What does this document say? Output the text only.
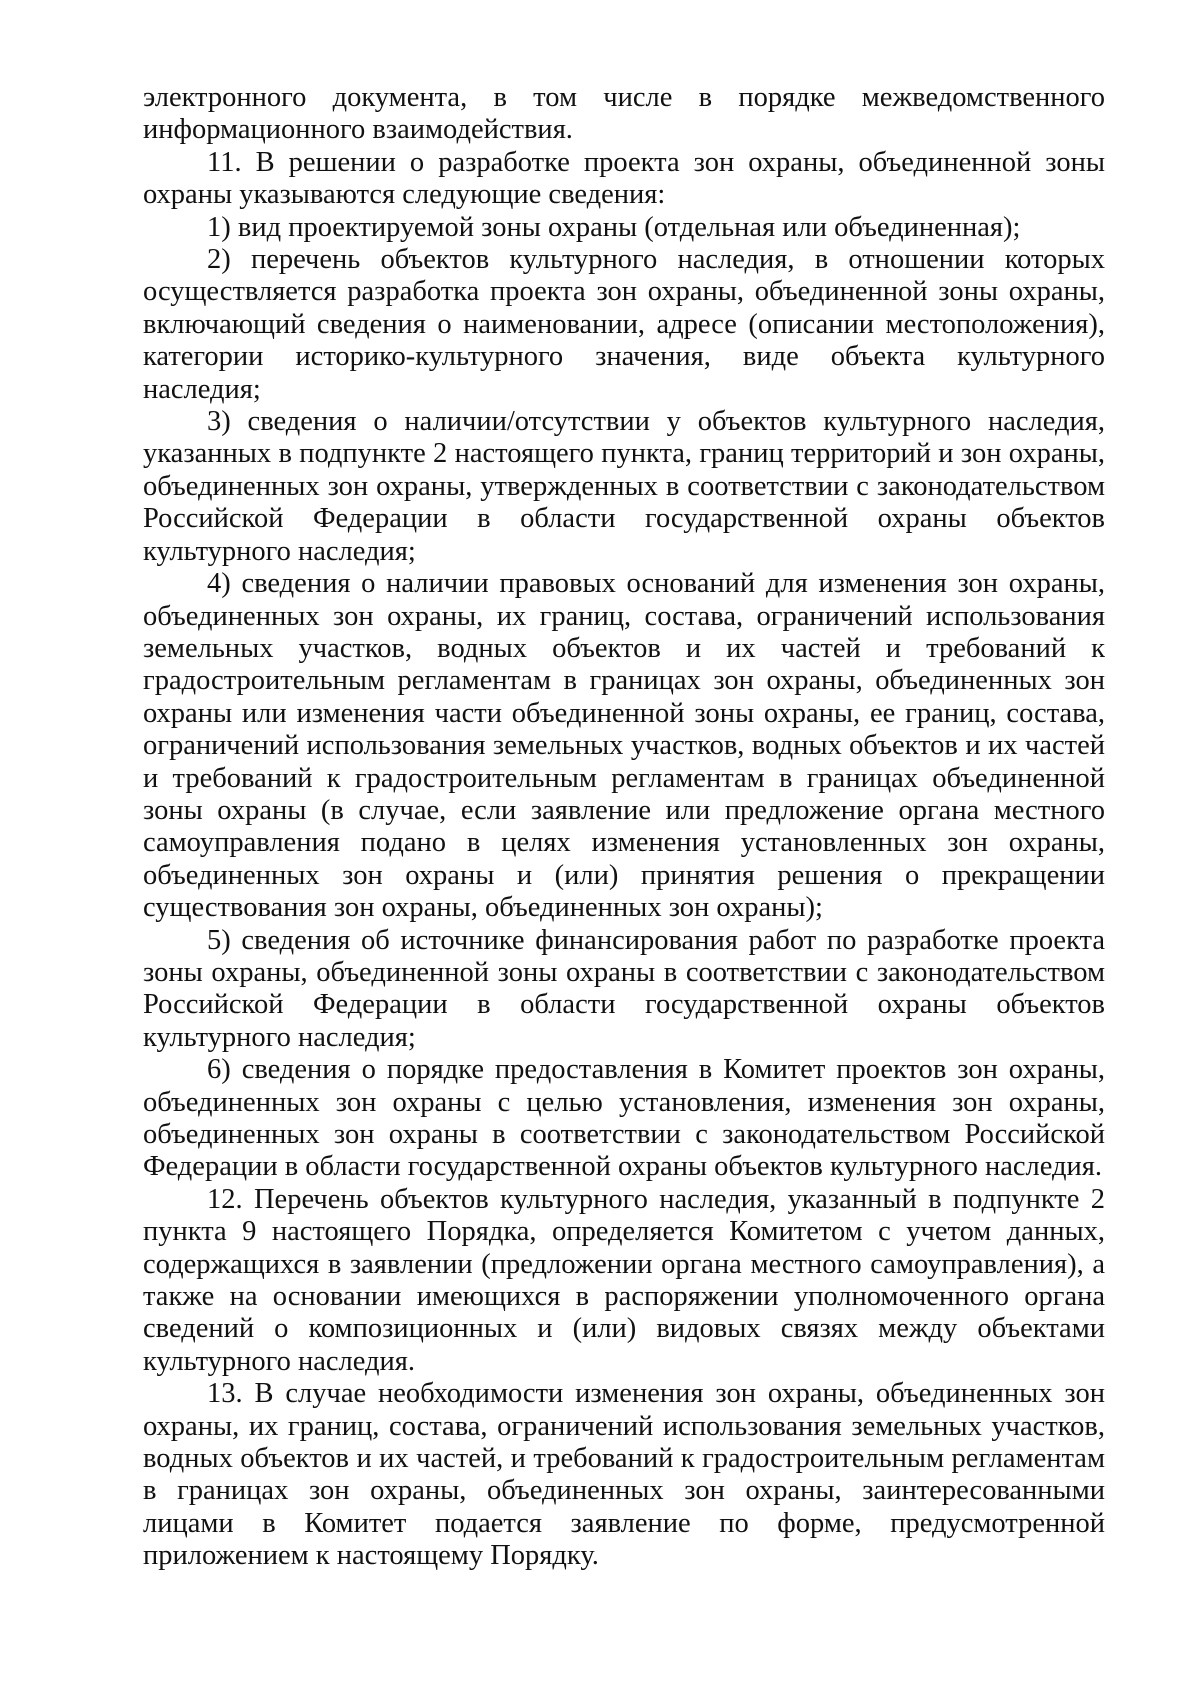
электронного документа, в том числе в порядке межведомственного информационного взаимодействия.

11. В решении о разработке проекта зон охраны, объединенной зоны охраны указываются следующие сведения:

1) вид проектируемой зоны охраны (отдельная или объединенная);

2) перечень объектов культурного наследия, в отношении которых осуществляется разработка проекта зон охраны, объединенной зоны охраны, включающий сведения о наименовании, адресе (описании местоположения), категории историко-культурного значения, виде объекта культурного наследия;

3) сведения о наличии/отсутствии у объектов культурного наследия, указанных в подпункте 2 настоящего пункта, границ территорий и зон охраны, объединенных зон охраны, утвержденных в соответствии с законодательством Российской Федерации в области государственной охраны объектов культурного наследия;

4) сведения о наличии правовых оснований для изменения зон охраны, объединенных зон охраны, их границ, состава, ограничений использования земельных участков, водных объектов и их частей и требований к градостроительным регламентам в границах зон охраны, объединенных зон охраны или изменения части объединенной зоны охраны, ее границ, состава, ограничений использования земельных участков, водных объектов и их частей и требований к градостроительным регламентам в границах объединенной зоны охраны (в случае, если заявление или предложение органа местного самоуправления подано в целях изменения установленных зон охраны, объединенных зон охраны и (или) принятия решения о прекращении существования зон охраны, объединенных зон охраны);

5) сведения об источнике финансирования работ по разработке проекта зоны охраны, объединенной зоны охраны в соответствии с законодательством Российской Федерации в области государственной охраны объектов культурного наследия;

6) сведения о порядке предоставления в Комитет проектов зон охраны, объединенных зон охраны с целью установления, изменения зон охраны, объединенных зон охраны в соответствии с законодательством Российской Федерации в области государственной охраны объектов культурного наследия.

12. Перечень объектов культурного наследия, указанный в подпункте 2 пункта 9 настоящего Порядка, определяется Комитетом с учетом данных, содержащихся в заявлении (предложении органа местного самоуправления), а также на основании имеющихся в распоряжении уполномоченного органа сведений о композиционных и (или) видовых связях между объектами культурного наследия.

13. В случае необходимости изменения зон охраны, объединенных зон охраны, их границ, состава, ограничений использования земельных участков, водных объектов и их частей, и требований к градостроительным регламентам в границах зон охраны, объединенных зон охраны, заинтересованными лицами в Комитет подается заявление по форме, предусмотренной приложением к настоящему Порядку.
